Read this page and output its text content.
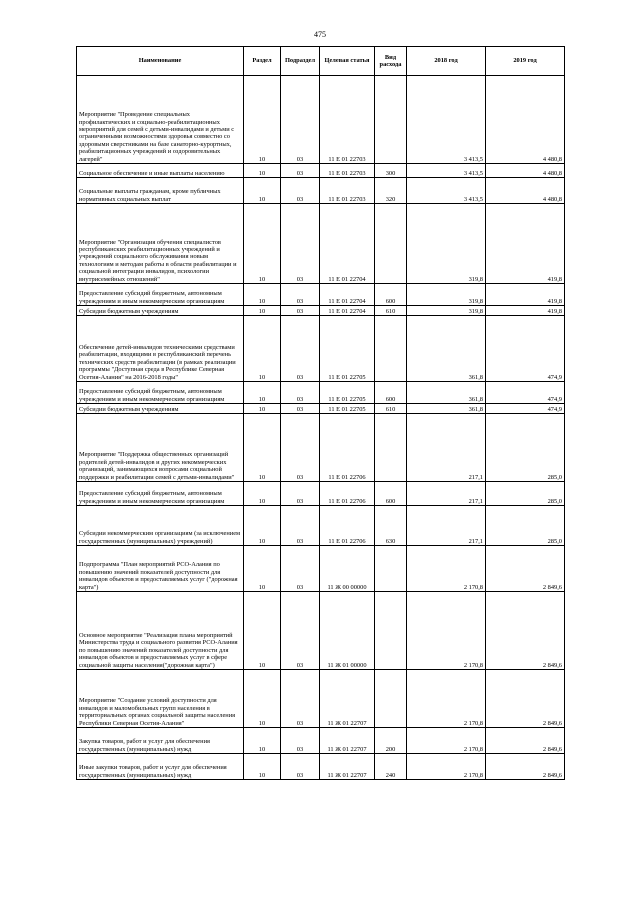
475
Наименование	Раздел	Подраздел	Целевая статья	Вид расхода	2018 год	2019 год
Мероприятие "Проведение специальных профилактических и социально-реабилитационных мероприятий для семей с детьми-инвалидами и детьми с ограниченными возможностями здоровья совместно со здоровыми сверстниками на базе санаторно-курортных, реабилитационных учреждений и оздоровительных лагерей"	10	03	11 Е 01 22703		3 413,5	4 480,8
Социальное обеспечение и иные выплаты населению	10	03	11 Е 01 22703	300	3 413,5	4 480,8
Социальные выплаты гражданам, кроме публичных нормативных социальных выплат	10	03	11 Е 01 22703	320	3 413,5	4 480,8
Мероприятие "Организация обучения специалистов республиканских реабилитационных учреждений и учреждений социального обслуживания новым технологиям и методам работы в области реабилитации и социальной интеграции инвалидов, психологии внутрисемейных отношений"	10	03	11 Е 01 22704		319,8	419,8
Предоставление субсидий бюджетным, автономным учреждениям и иным некоммерческим организациям	10	03	11 Е 01 22704	600	319,8	419,8
Субсидии бюджетным учреждениям	10	03	11 Е 01 22704	610	319,8	419,8
Обеспечение детей-инвалидов техническими средствами реабилитации, входящими в республиканский перечень технических средств реабилитации (в рамках реализации программы "Доступная среда в Республике Северная Осетия-Алания" на 2016-2018 годы"	10	03	11 Е 01 22705		361,8	474,9
Предоставление субсидий бюджетным, автономным учреждениям и иным некоммерческим организациям	10	03	11 Е 01 22705	600	361,8	474,9
Субсидии бюджетным учреждениям	10	03	11 Е 01 22705	610	361,8	474,9
Мероприятие "Поддержка общественных организаций родителей детей-инвалидов и других некоммерческих организаций, занимающихся вопросами социальной поддержки и реабилитации семей с детьми-инвалидами"	10	03	11 Е 01 22706		217,1	285,0
Предоставление субсидий бюджетным, автономным учреждениям и иным некоммерческим организациям	10	03	11 Е 01 22706	600	217,1	285,0
Субсидии некоммерческим организациям (за исключением государственных (муниципальных) учреждений)	10	03	11 Е 01 22706	630	217,1	285,0
Подпрограмма "План мероприятий РСО-Алания по повышению значений показателей доступности для инвалидов объектов и предоставляемых услуг ("дорожная карта")	10	03	11 Ж 00 00000		2 170,8	2 849,6
Основное мероприятие "Реализация плана мероприятий Министерства труда и социального развития РСО-Алания по повышению значений показателей доступности для инвалидов объектов и предоставляемых услуг в сфере социальной защиты населения("дорожная карта")	10	03	11 Ж 01 00000		2 170,8	2 849,6
Мероприятие "Создание условий доступности для инвалидов и маломобильных групп населения в территориальных органах социальной защиты населения Республики Северная Осетия-Алания"	10	03	11 Ж 01 22707		2 170,8	2 849,6
Закупка товаров, работ и услуг для обеспечения государственных (муниципальных) нужд	10	03	11 Ж 01 22707	200	2 170,8	2 849,6
Иные закупки товаров, работ и услуг для обеспечения государственных (муниципальных) нужд	10	03	11 Ж 01 22707	240	2 170,8	2 849,6
